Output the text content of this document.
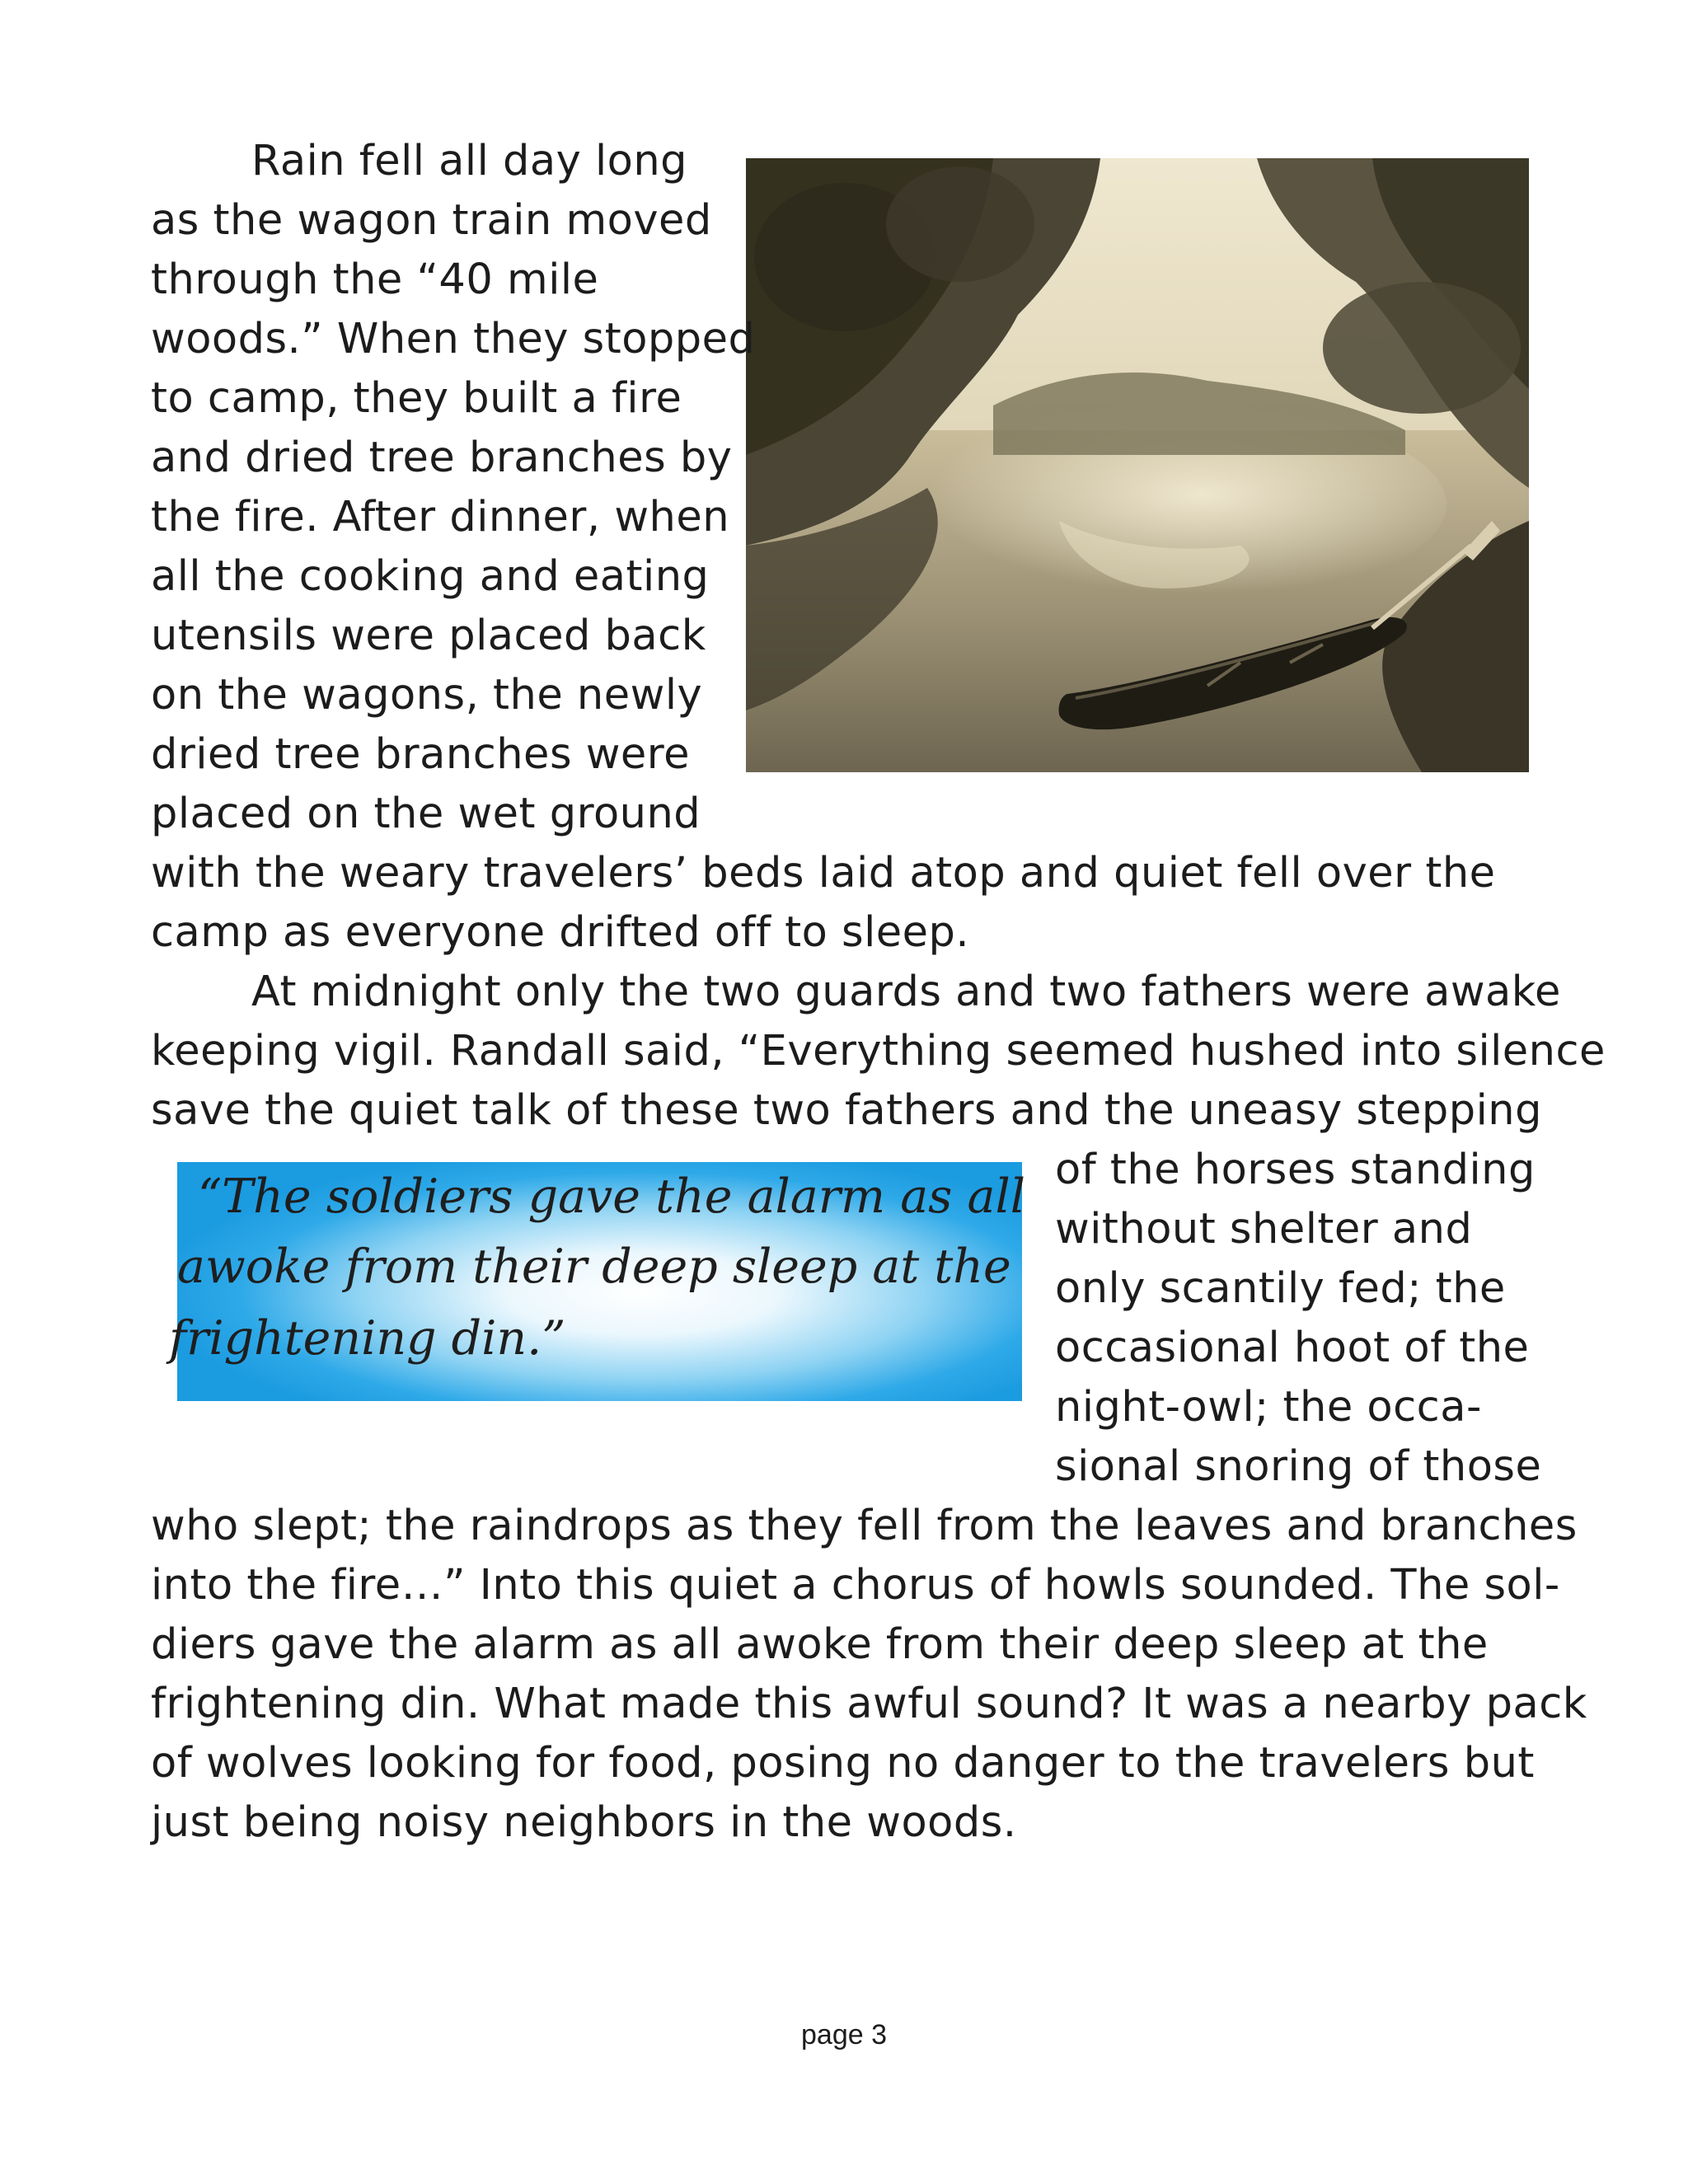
Rain fell all day long

as the wagon train moved

through the “40 mile

woods.” When they stopped

to camp, they built a fire

and dried tree branches by

the fire. After dinner, when

all the cooking and eating

utensils were placed back

on the wagons, the newly

dried tree branches were

placed on the wet ground

with the weary travelers’ beds laid atop and quiet fell over the

camp as everyone drifted off to sleep.

At midnight only the two guards and two fathers were awake

keeping vigil. Randall said, “Everything seemed hushed into silence

save the quiet talk of these two fathers and the uneasy stepping

“The soldiers gave the alarm as all

awoke from their deep sleep at the

frightening din.”

of the horses standing

without shelter and

only scantily fed; the

occasional hoot of the

night-owl; the occa-

sional snoring of those

who slept; the raindrops as they fell from the leaves and branches

into the fire…” Into this quiet a chorus of howls sounded. The sol-

diers gave the alarm as all awoke from their deep sleep at the

frightening din. What made this awful sound? It was a nearby pack

of wolves looking for food, posing no danger to the travelers but

just being noisy neighbors in the woods.

page 3
